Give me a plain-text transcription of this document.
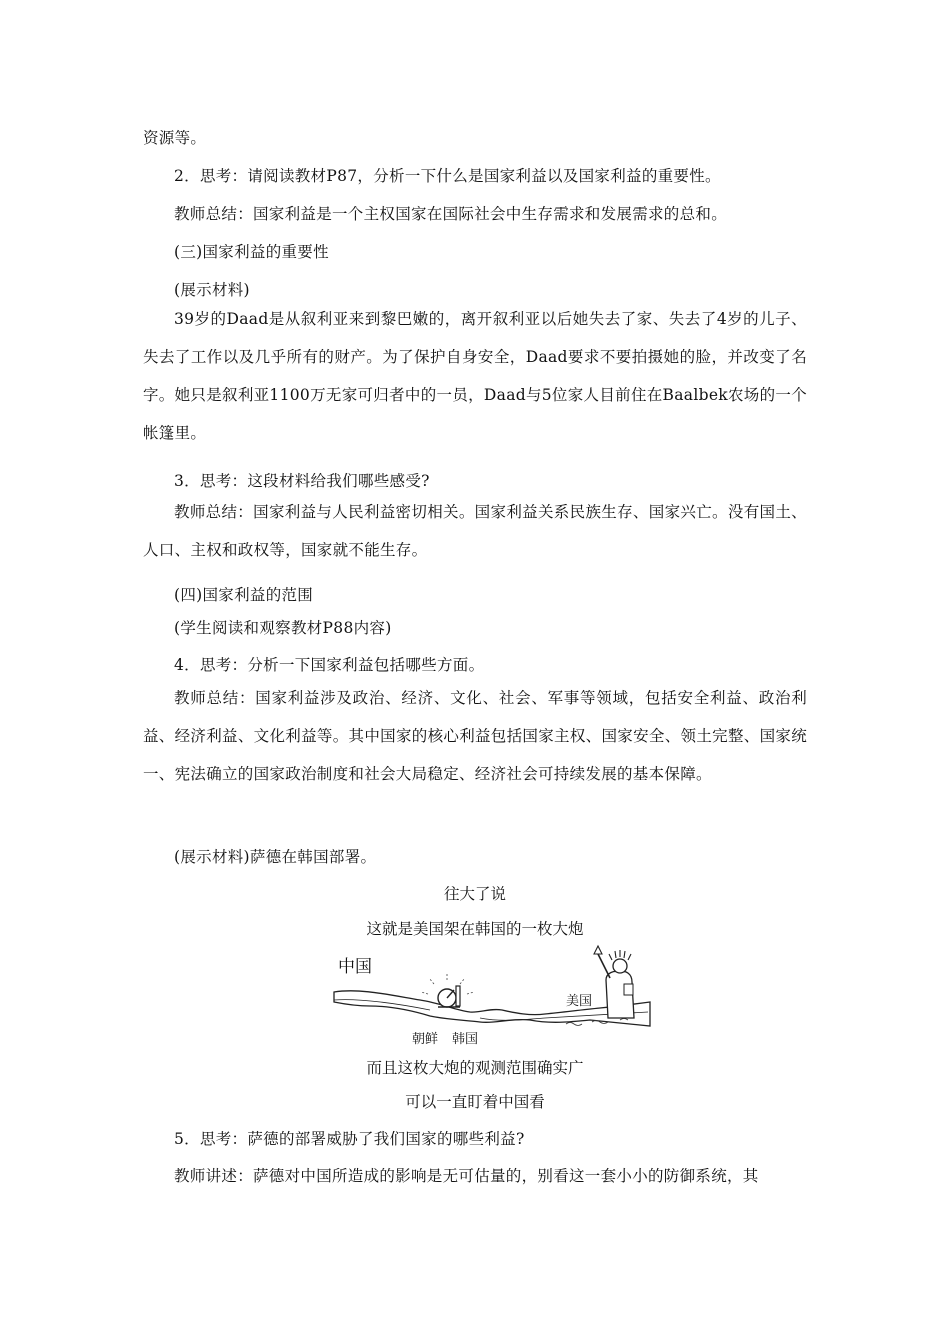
资源等。

2．思考：请阅读教材P87，分析一下什么是国家利益以及国家利益的重要性。

教师总结：国家利益是一个主权国家在国际社会中生存需求和发展需求的总和。

(三)国家利益的重要性

(展示材料)

39岁的Daad是从叙利亚来到黎巴嫩的，离开叙利亚以后她失去了家、失去了4岁的儿子、失去了工作以及几乎所有的财产。为了保护自身安全，Daad要求不要拍摄她的脸，并改变了名字。她只是叙利亚1100万无家可归者中的一员，Daad与5位家人目前住在Baalbek农场的一个帐篷里。

3．思考：这段材料给我们哪些感受?

教师总结：国家利益与人民利益密切相关。国家利益关系民族生存、国家兴亡。没有国土、人口、主权和政权等，国家就不能生存。

(四)国家利益的范围

(学生阅读和观察教材P88内容)

4．思考：分析一下国家利益包括哪些方面。

教师总结：国家利益涉及政治、经济、文化、社会、军事等领域，包括安全利益、政治利益、经济利益、文化利益等。其中国家的核心利益包括国家主权、国家安全、领土完整、国家统一、宪法确立的国家政治制度和社会大局稳定、经济社会可持续发展的基本保障。

(展示材料)萨德在韩国部署。

往大了说

这就是美国架在韩国的一枚大炮

中国
美国
朝鲜 韩国

而且这枚大炮的观测范围确实广

可以一直盯着中国看

5．思考：萨德的部署威胁了我们国家的哪些利益?

教师讲述：萨德对中国所造成的影响是无可估量的，别看这一套小小的防御系统，其
